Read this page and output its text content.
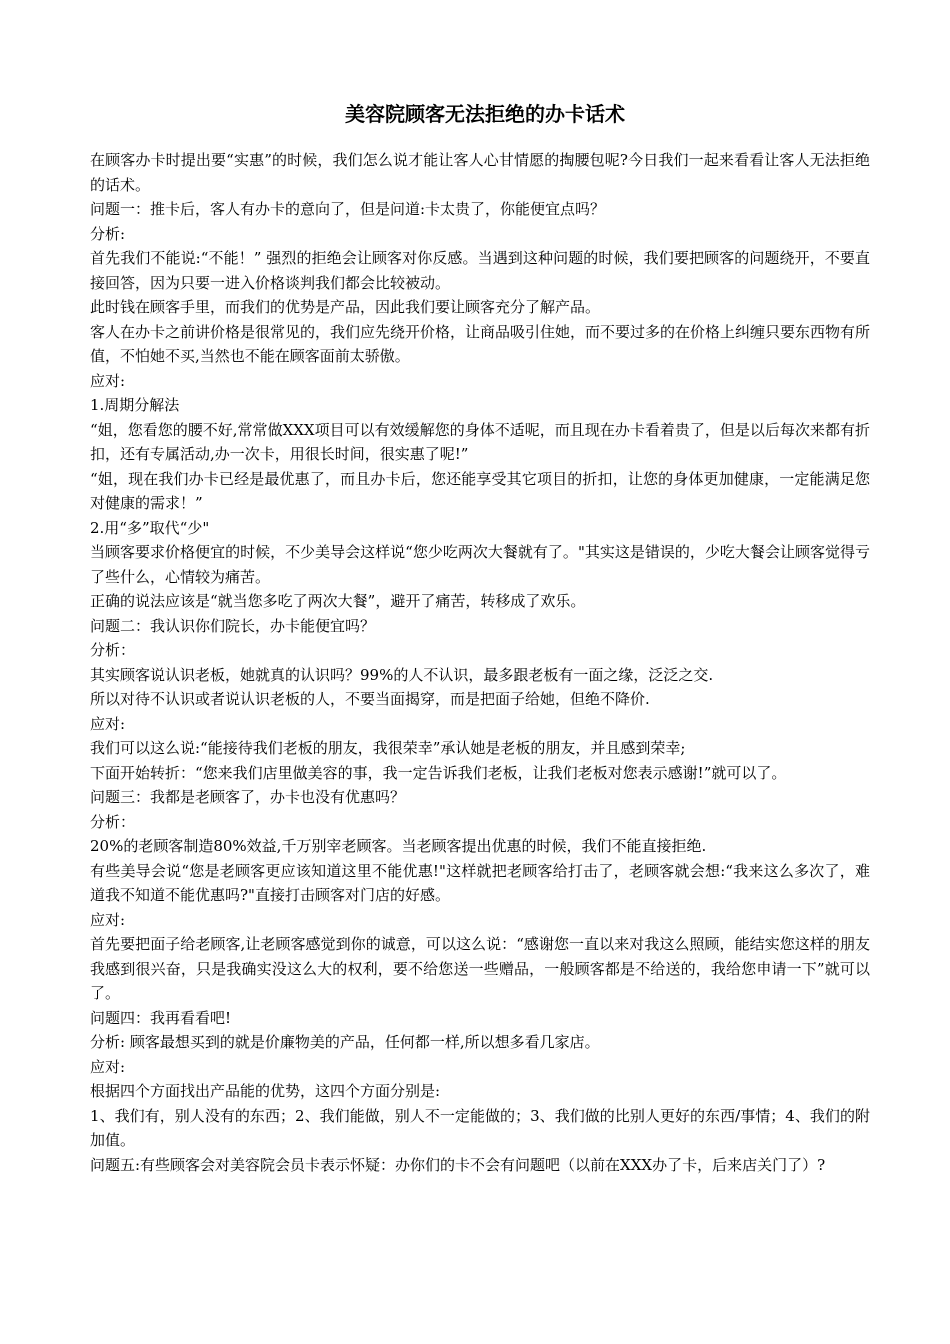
美容院顾客无法拒绝的办卡话术

在顾客办卡时提出要“实惠”的时候，我们怎么说才能让客人心甘情愿的掏腰包呢?今日我们一起来看看让客人无法拒绝的话术。

问题一：推卡后，客人有办卡的意向了，但是问道:卡太贵了，你能便宜点吗？

分析:

首先我们不能说:“不能！” 强烈的拒绝会让顾客对你反感。当遇到这种问题的时候，我们要把顾客的问题绕开，不要直接回答，因为只要一进入价格谈判我们都会比较被动。

此时钱在顾客手里，而我们的优势是产品，因此我们要让顾客充分了解产品。

客人在办卡之前讲价格是很常见的，我们应先绕开价格，让商品吸引住她，而不要过多的在价格上纠缠只要东西物有所值，不怕她不买,当然也不能在顾客面前太骄傲。

应对:

1.周期分解法

“姐，您看您的腰不好,常常做XXX项目可以有效缓解您的身体不适呢，而且现在办卡看着贵了，但是以后每次来都有折扣，还有专属活动,办一次卡，用很长时间，很实惠了呢!”

“姐，现在我们办卡已经是最优惠了，而且办卡后，您还能享受其它项目的折扣，让您的身体更加健康，一定能满足您对健康的需求！”

2.用“多”取代“少"

当顾客要求价格便宜的时候，不少美导会这样说“您少吃两次大餐就有了。"其实这是错误的，少吃大餐会让顾客觉得亏了些什么，心情较为痛苦。

正确的说法应该是“就当您多吃了两次大餐”，避开了痛苦，转移成了欢乐。

问题二：我认识你们院长，办卡能便宜吗？

分析：

其实顾客说认识老板，她就真的认识吗？99%的人不认识，最多跟老板有一面之缘，泛泛之交.

所以对待不认识或者说认识老板的人，不要当面揭穿，而是把面子给她，但绝不降价.

应对:

我们可以这么说:“能接待我们老板的朋友，我很荣幸”承认她是老板的朋友，并且感到荣幸;

下面开始转折：“您来我们店里做美容的事，我一定告诉我们老板，让我们老板对您表示感谢!”就可以了。

问题三：我都是老顾客了，办卡也没有优惠吗？

分析：

20%的老顾客制造80%效益,千万别宰老顾客。当老顾客提出优惠的时候，我们不能直接拒绝.

有些美导会说“您是老顾客更应该知道这里不能优惠!"这样就把老顾客给打击了，老顾客就会想:“我来这么多次了，难道我不知道不能优惠吗?"直接打击顾客对门店的好感。

应对:

首先要把面子给老顾客,让老顾客感觉到你的诚意，可以这么说：“感谢您一直以来对我这么照顾，能结实您这样的朋友我感到很兴奋，只是我确实没这么大的权利，要不给您送一些赠品，一般顾客都是不给送的，我给您申请一下”就可以了。

问题四：我再看看吧!

分析: 顾客最想买到的就是价廉物美的产品，任何都一样,所以想多看几家店。

应对:

根据四个方面找出产品能的优势，这四个方面分别是:

1、我们有，别人没有的东西；2、我们能做，别人不一定能做的；3、我们做的比别人更好的东西/事情；4、我们的附加值。

问题五:有些顾客会对美容院会员卡表示怀疑：办你们的卡不会有问题吧（以前在XXX办了卡，后来店关门了）?
